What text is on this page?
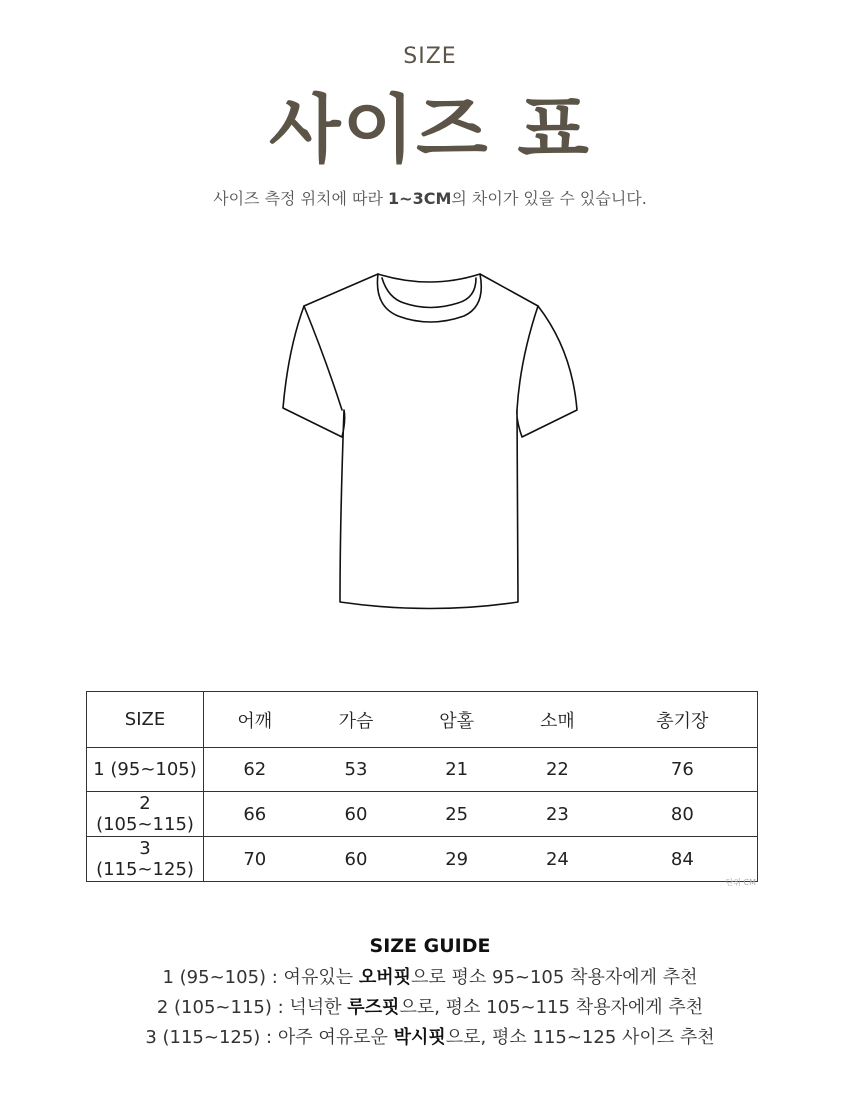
SIZE
사이즈 표
사이즈 측정 위치에 따라 1~3CM의 차이가 있을 수 있습니다.
SIZE	어깨	가슴	암홀	소매	총기장
1 (95~105)	62	53	21	22	76
2 (105~115)	66	60	25	23	80
3 (115~125)	70	60	29	24	84
단위 CM
SIZE GUIDE
1 (95~105) : 여유있는 오버핏으로 평소 95~105 착용자에게 추천
2 (105~115) : 넉넉한 루즈핏으로, 평소 105~115 착용자에게 추천
3 (115~125) : 아주 여유로운 박시핏으로, 평소 115~125 사이즈 추천
